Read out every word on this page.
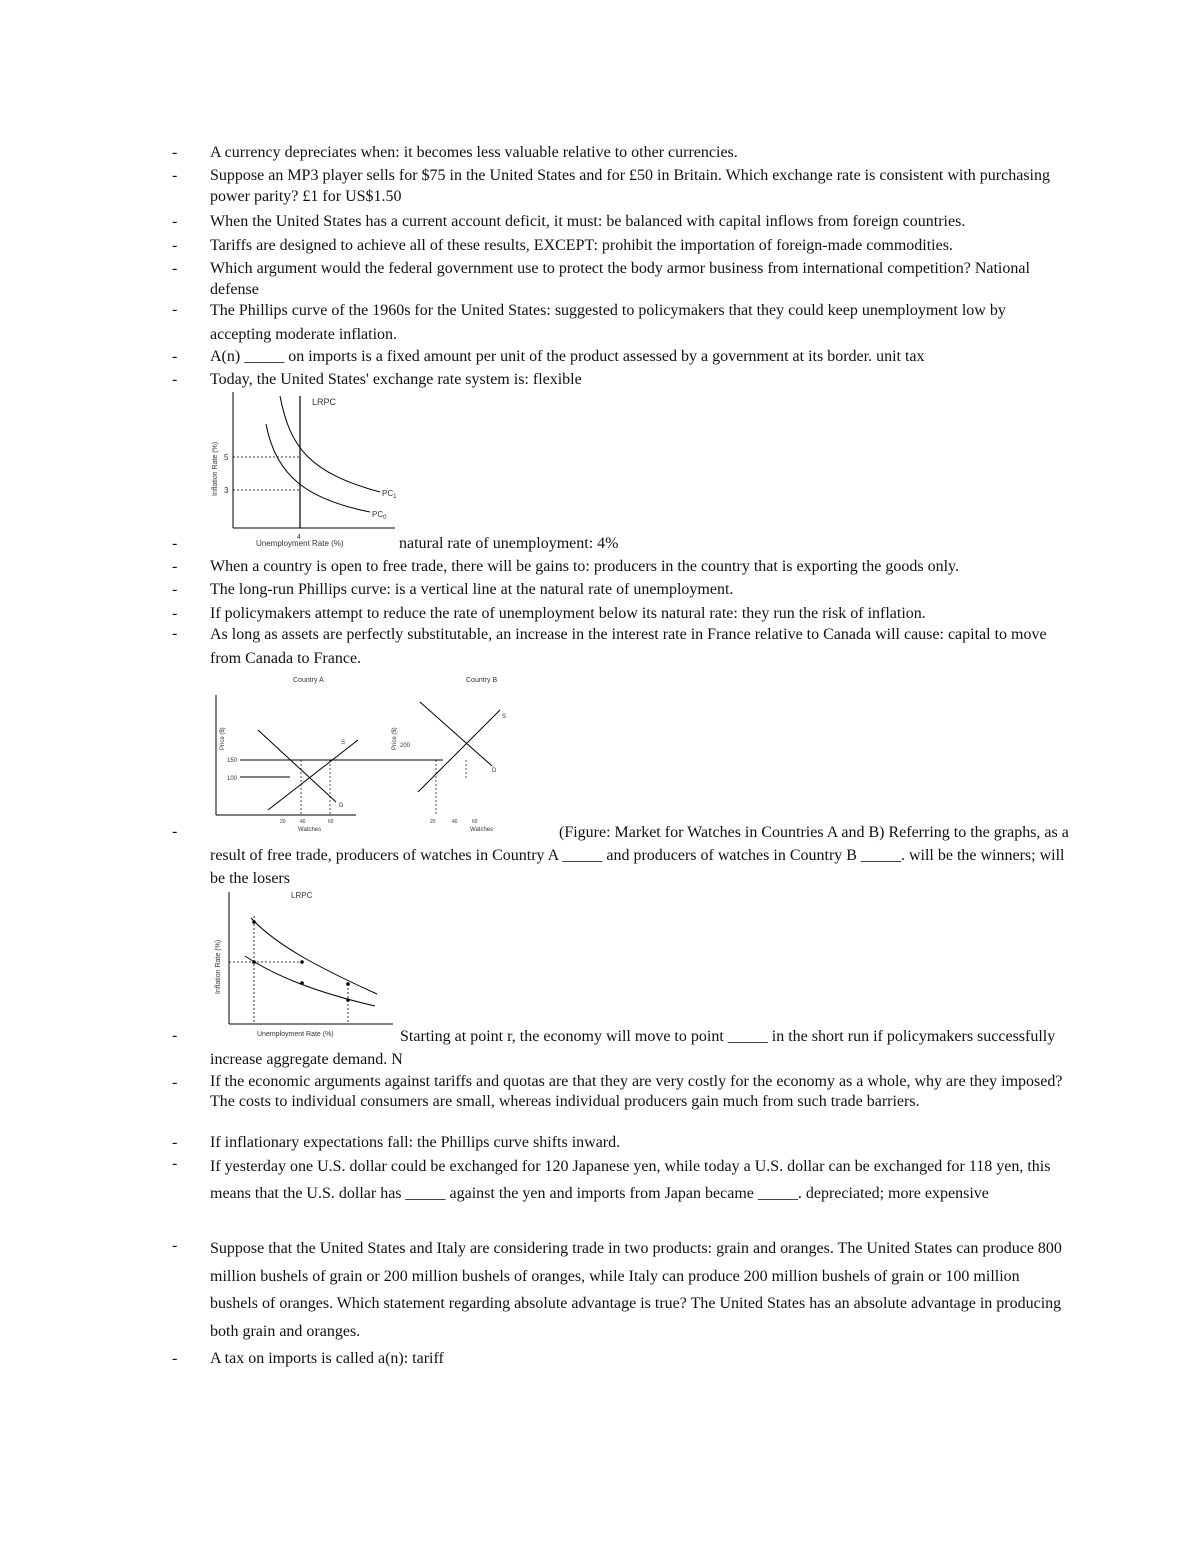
-	A currency depreciates when: it becomes less valuable relative to other currencies.
-	Suppose an MP3 player sells for $75 in the United States and for £50 in Britain. Which exchange rate is consistent with purchasing power parity? £1 for US$1.50
-	When the United States has a current account deficit, it must: be balanced with capital inflows from foreign countries.
-	Tariffs are designed to achieve all of these results, EXCEPT: prohibit the importation of foreign-made commodities.
-	Which argument would the federal government use to protect the body armor business from international competition? National defense
-	The Phillips curve of the 1960s for the United States: suggested to policymakers that they could keep unemployment low by accepting moderate inflation.
-	A(n) _____ on imports is a fixed amount per unit of the product assessed by a government at its border. unit tax
-	Today, the United States' exchange rate system is: flexible
LRPC
Inflation Rate (%) 5
3
4
$PC_1$
$PC_0$
Unemployment Rate (%)
-	natural rate of unemployment: 4%
-	When a country is open to free trade, there will be gains to: producers in the country that is exporting the goods only.
-	The long-run Phillips curve: is a vertical line at the natural rate of unemployment.
-	If policymakers attempt to reduce the rate of unemployment below its natural rate: they run the risk of inflation.
-	As long as assets are perfectly substitutable, an increase in the interest rate in France relative to Canada will cause: capital to move from Canada to France.
Country A	Country B
Price ($)
150
100
S
D
20	40	60
Watches
Price ($) 200
S
D
20	40	60
Watches
-	(Figure: Market for Watches in Countries A and B) Referring to the graphs, as a result of free trade, producers of watches in Country A _____ and producers of watches in Country B _____. will be the winners; will be the losers
LRPC
Inflation Rate (%)
Unemployment Rate (%)
-	Starting at point r, the economy will move to point _____ in the short run if policymakers successfully increase aggregate demand. N
-	If the economic arguments against tariffs and quotas are that they are very costly for the economy as a whole, why are they imposed? The costs to individual consumers are small, whereas individual producers gain much from such trade barriers.
-	If inflationary expectations fall: the Phillips curve shifts inward.
-	If yesterday one U.S. dollar could be exchanged for 120 Japanese yen, while today a U.S. dollar can be exchanged for 118 yen, this means that the U.S. dollar has _____ against the yen and imports from Japan became _____. depreciated; more expensive
-	Suppose that the United States and Italy are considering trade in two products: grain and oranges. The United States can produce 800 million bushels of grain or 200 million bushels of oranges, while Italy can produce 200 million bushels of grain or 100 million bushels of oranges. Which statement regarding absolute advantage is true? The United States has an absolute advantage in producing both grain and oranges.
-	A tax on imports is called a(n): tariff
